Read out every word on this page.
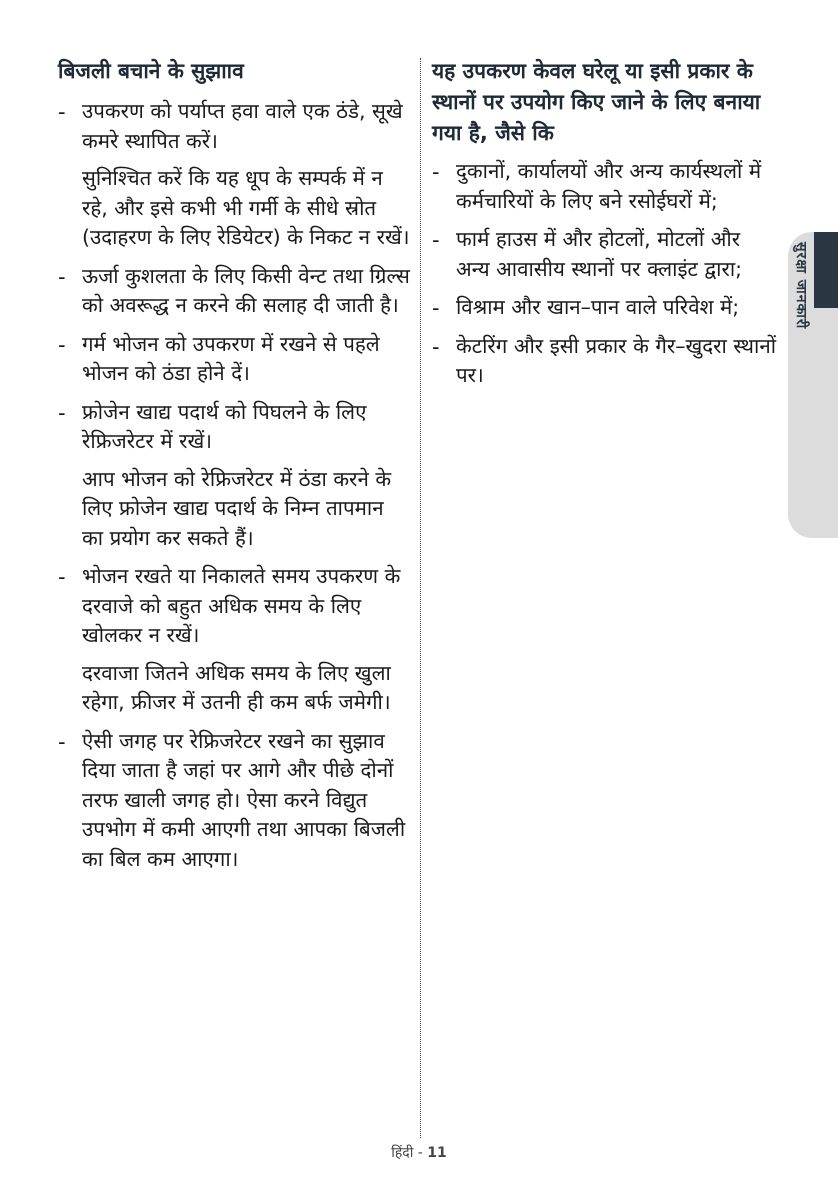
बिजली बचाने के सुझााव
- उपकरण को पर्याप्त हवा वाले एक ठंडे, सूखे कमरे स्थापित करें।

सुनिश्चित करें कि यह धूप के सम्पर्क में न रहे, और इसे कभी भी गर्मी के सीधे स्रोत (उदाहरण के लिए रेडियेटर) के निकट न रखें।

- ऊर्जा कुशलता के लिए किसी वेन्ट तथा ग्रिल्स को अवरूद्ध न करने की सलाह दी जाती है।

- गर्म भोजन को उपकरण में रखने से पहले भोजन को ठंडा होने दें।

- फ्रोजेन खाद्य पदार्थ को पिघलने के लिए रेफ्रिजरेटर में रखें।

आप भोजन को रेफ्रिजरेटर में ठंडा करने के लिए फ्रोजेन खाद्य पदार्थ के निम्न तापमान का प्रयोग कर सकते हैं।

- भोजन रखते या निकालते समय उपकरण के दरवाजे को बहुत अधिक समय के लिए खोलकर न रखें।

दरवाजा जितने अधिक समय के लिए खुला रहेगा, फ्रीजर में उतनी ही कम बर्फ जमेगी।

- ऐसी जगह पर रेफ्रिजरेटर रखने का सुझाव दिया जाता है जहां पर आगे और पीछे दोनों तरफ खाली जगह हो। ऐसा करने विद्युत उपभोग में कमी आएगी तथा आपका बिजली का बिल कम आएगा।

यह उपकरण केवल घरेलू या इसी प्रकार के स्थानों पर उपयोग किए जाने के लिए बनाया गया है, जैसे कि
- दुकानों, कार्यालयों और अन्य कार्यस्थलों में कर्मचारियों के लिए बने रसोईघरों में;

- फार्म हाउस में और होटलों, मोटलों और अन्य आवासीय स्थानों पर क्लाइंट द्वारा;

- विश्राम और खान–पान वाले परिवेश में;

- केटरिंग और इसी प्रकार के गैर–खुदरा स्थानों पर।

सुरक्षा जानकारी
हिंदी - 11
